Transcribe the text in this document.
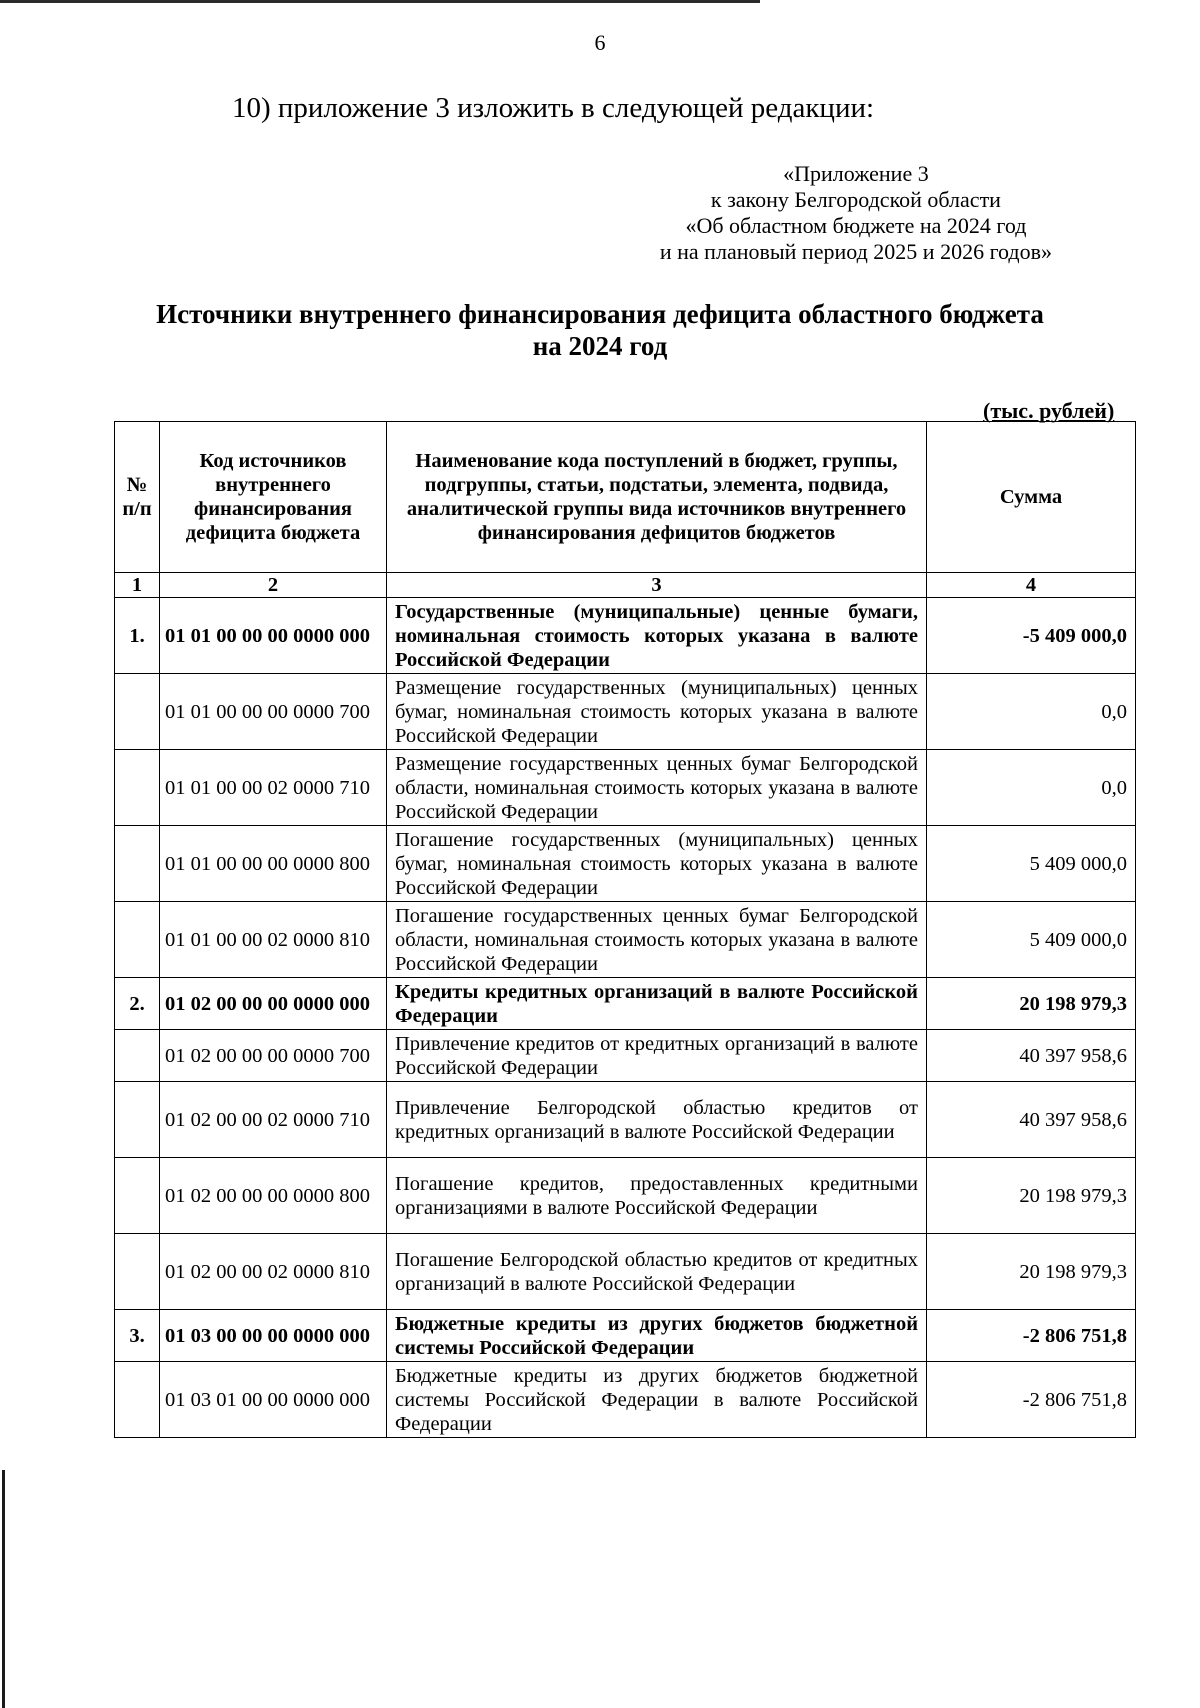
6
10) приложение 3 изложить в следующей редакции:
«Приложение 3
к закону Белгородской области
«Об областном бюджете на 2024 год
и на плановый период 2025 и 2026 годов»
Источники внутреннего финансирования дефицита областного бюджета
на 2024 год
(тыс. рублей)
№ п/п	Код источников внутреннего финансирования дефицита бюджета	Наименование кода поступлений в бюджет, группы, подгруппы, статьи, подстатьи, элемента, подвида, аналитической группы вида источников внутреннего финансирования дефицитов бюджетов	Сумма
1	2	3	4
1.	01 01 00 00 00 0000 000	Государственные (муниципальные) ценные бумаги, номинальная стоимость которых указана в валюте Российской Федерации	-5 409 000,0
	01 01 00 00 00 0000 700	Размещение государственных (муниципальных) ценных бумаг, номинальная стоимость которых указана в валюте Российской Федерации	0,0
	01 01 00 00 02 0000 710	Размещение государственных ценных бумаг Белгородской области, номинальная стоимость которых указана в валюте Российской Федерации	0,0
	01 01 00 00 00 0000 800	Погашение государственных (муниципальных) ценных бумаг, номинальная стоимость которых указана в валюте Российской Федерации	5 409 000,0
	01 01 00 00 02 0000 810	Погашение государственных ценных бумаг Белгородской области, номинальная стоимость которых указана в валюте Российской Федерации	5 409 000,0
2.	01 02 00 00 00 0000 000	Кредиты кредитных организаций в валюте Российской Федерации	20 198 979,3
	01 02 00 00 00 0000 700	Привлечение кредитов от кредитных организаций в валюте Российской Федерации	40 397 958,6
	01 02 00 00 02 0000 710	Привлечение Белгородской областью кредитов от кредитных организаций в валюте Российской Федерации	40 397 958,6
	01 02 00 00 00 0000 800	Погашение кредитов, предоставленных кредитными организациями в валюте Российской Федерации	20 198 979,3
	01 02 00 00 02 0000 810	Погашение Белгородской областью кредитов от кредитных организаций в валюте Российской Федерации	20 198 979,3
3.	01 03 00 00 00 0000 000	Бюджетные кредиты из других бюджетов бюджетной системы Российской Федерации	-2 806 751,8
	01 03 01 00 00 0000 000	Бюджетные кредиты из других бюджетов бюджетной системы Российской Федерации в валюте Российской Федерации	-2 806 751,8
